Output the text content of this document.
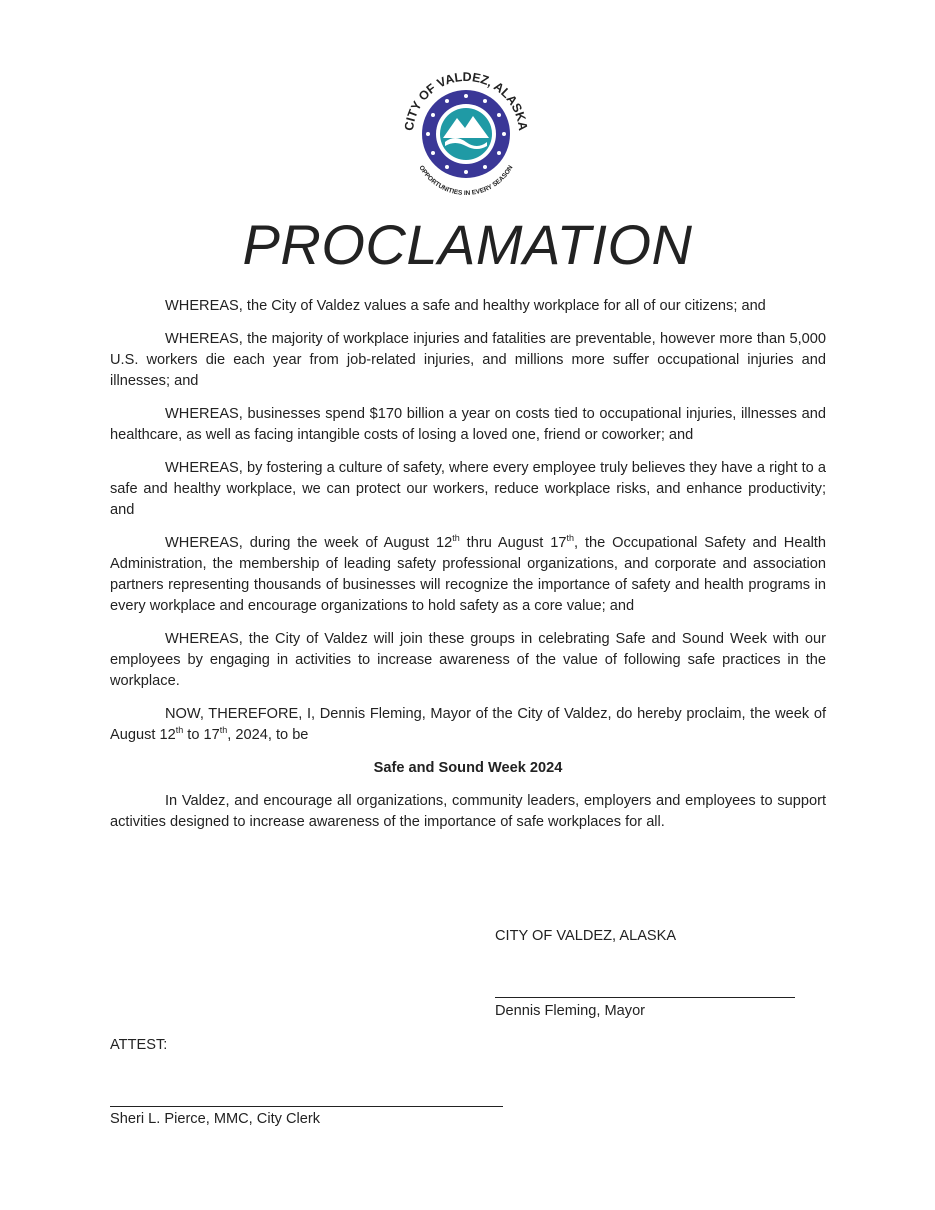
CITY OF VALDEZ, ALASKA
OPPORTUNITIES IN EVERY SEASON
PROCLAMATION

WHEREAS, the City of Valdez values a safe and healthy workplace for all of our citizens; and

WHEREAS, the majority of workplace injuries and fatalities are preventable, however more than 5,000 U.S. workers die each year from job-related injuries, and millions more suffer occupational injuries and illnesses; and

WHEREAS, businesses spend $170 billion a year on costs tied to occupational injuries, illnesses and healthcare, as well as facing intangible costs of losing a loved one, friend or coworker; and

WHEREAS, by fostering a culture of safety, where every employee truly believes they have a right to a safe and healthy workplace, we can protect our workers, reduce workplace risks, and enhance productivity; and

WHEREAS, during the week of August 12th thru August 17th, the Occupational Safety and Health Administration, the membership of leading safety professional organizations, and corporate and association partners representing thousands of businesses will recognize the importance of safety and health programs in every workplace and encourage organizations to hold safety as a core value; and

WHEREAS, the City of Valdez will join these groups in celebrating Safe and Sound Week with our employees by engaging in activities to increase awareness of the value of following safe practices in the workplace.

NOW, THEREFORE, I, Dennis Fleming, Mayor of the City of Valdez, do hereby proclaim, the week of August 12th to 17th, 2024, to be

Safe and Sound Week 2024

In Valdez, and encourage all organizations, community leaders, employers and employees to support activities designed to increase awareness of the importance of safe workplaces for all.

CITY OF VALDEZ, ALASKA
Dennis Fleming, Mayor
ATTEST:
Sheri L. Pierce, MMC, City Clerk
